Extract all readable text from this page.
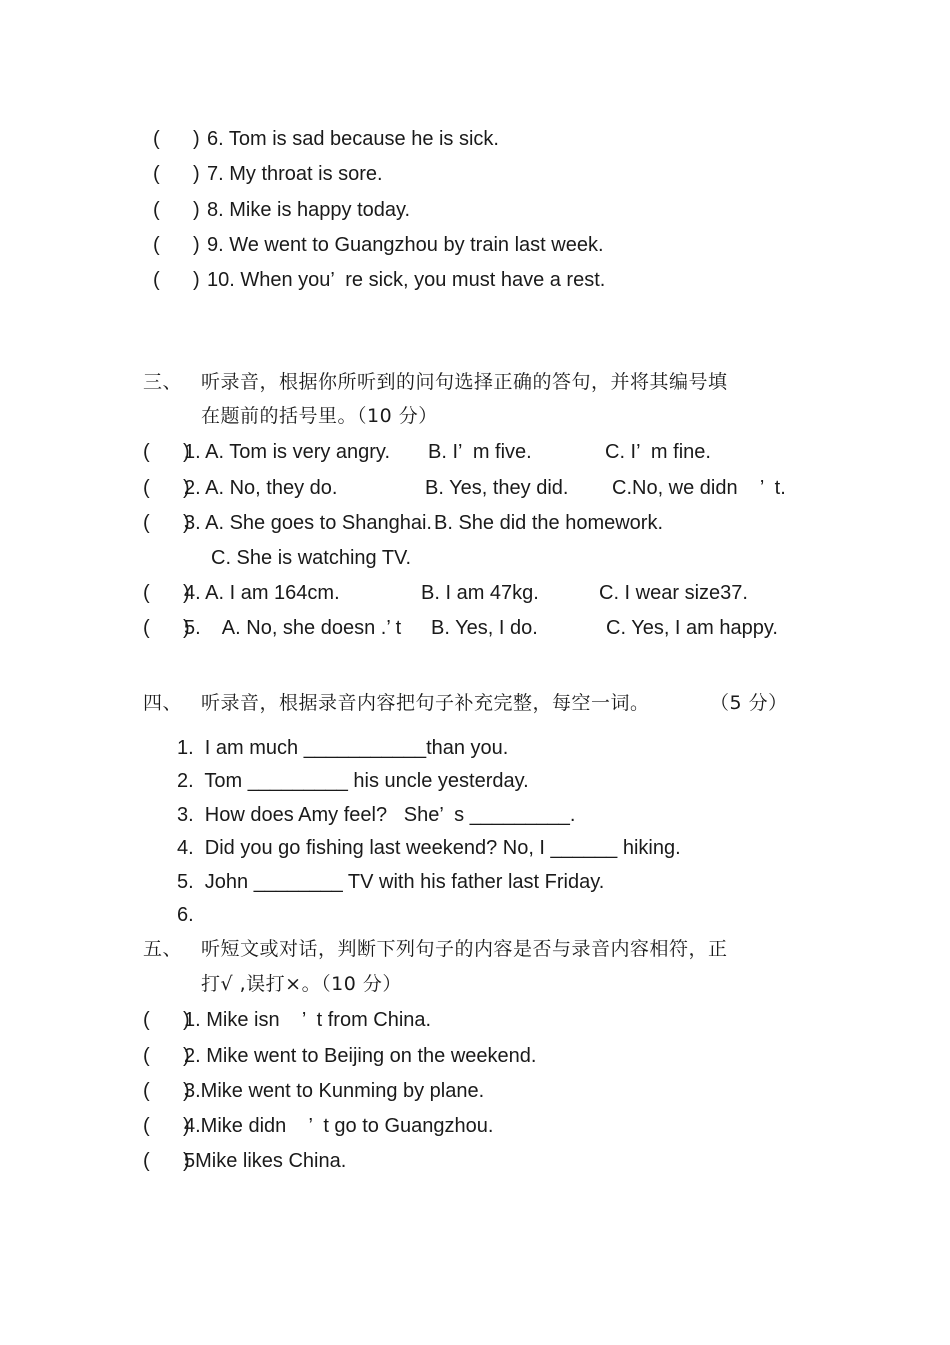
(      ) 6. Tom is sad because he is sick.
(      ) 7. My throat is sore.
(      ) 8. Mike is happy today.
(      ) 9. We went to Guangzhou by train last week.
(      ) 10. When you’  re sick, you must have a rest.
三、 听录音，根据你所听到的问句选择正确的答句，并将其编号填
在题前的括号里。（10 分）
(      )
1. A. Tom is very angry. B. I’  m five.	C. I’  m fine.
(      )
2. A. No, they do.	B. Yes, they did. C.No, we didn    ’  t.
(      )
3. A. She goes to Shanghai. B. She did the homework.
C. She is watching TV.
(      )
4. A. I am 164cm.	B. I am 47kg.	C. I wear size37.
(      )
5.    A. No, she doesn .’ t B. Yes, I do.	C. Yes, I am happy.
四、 听录音，根据录音内容把句子补充完整，每空一词。	（5 分）
1.  I am much ___________than you.
2.  Tom _________ his uncle yesterday.
3.  How does Amy feel?   She’  s _________.
4.  Did you go fishing last weekend? No, I ______ hiking.
5.  John ________ TV with his father last Friday.
6.
五、 听短文或对话，判断下列句子的内容是否与录音内容相符，正
打√ ,误打×。（10 分）
(      )
1. Mike isn    ’  t from China.
(      )
2. Mike went to Beijing on the weekend.
(      )
3.Mike went to Kunming by plane.
(      )
4.Mike didn    ’  t go to Guangzhou.
(      )
5Mike likes China.
